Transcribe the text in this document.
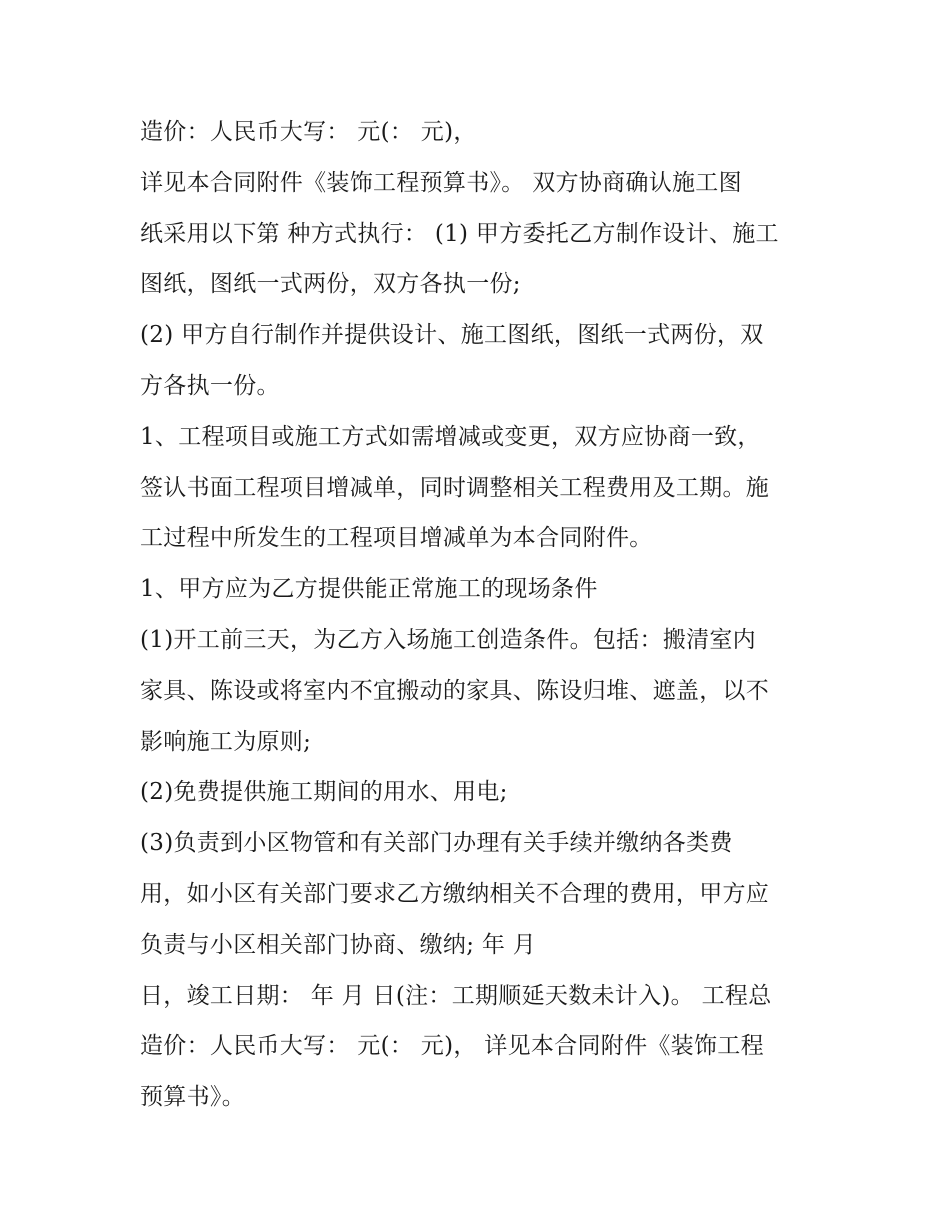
造价：人民币大写： 元(： 元)，
详见本合同附件《装饰工程预算书》。 双方协商确认施工图
纸采用以下第 种方式执行： (1) 甲方委托乙方制作设计、施工
图纸，图纸一式两份，双方各执一份;
(2) 甲方自行制作并提供设计、施工图纸，图纸一式两份，双
方各执一份。
1、工程项目或施工方式如需增减或变更，双方应协商一致，
签认书面工程项目增减单，同时调整相关工程费用及工期。施
工过程中所发生的工程项目增减单为本合同附件。
1、甲方应为乙方提供能正常施工的现场条件
(1)开工前三天，为乙方入场施工创造条件。包括：搬清室内
家具、陈设或将室内不宜搬动的家具、陈设归堆、遮盖，以不
影响施工为原则;
(2)免费提供施工期间的用水、用电;
(3)负责到小区物管和有关部门办理有关手续并缴纳各类费
用，如小区有关部门要求乙方缴纳相关不合理的费用，甲方应
负责与小区相关部门协商、缴纳; 年 月
日，竣工日期： 年 月 日(注：工期顺延天数未计入)。 工程总
造价：人民币大写： 元(： 元)， 详见本合同附件《装饰工程
预算书》。
